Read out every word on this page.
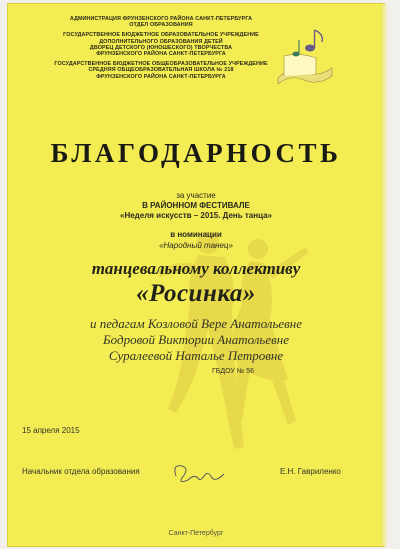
АДМИНИСТРАЦИЯ ФРУНЗЕНСКОГО РАЙОНА САНКТ-ПЕТЕРБУРГА
ОТДЕЛ ОБРАЗОВАНИЯ
ГОСУДАРСТВЕННОЕ БЮДЖЕТНОЕ ОБРАЗОВАТЕЛЬНОЕ УЧРЕЖДЕНИЕ
ДОПОЛНИТЕЛЬНОГО ОБРАЗОВАНИЯ ДЕТЕЙ
ДВОРЕЦ ДЕТСКОГО (ЮНОШЕСКОГО) ТВОРЧЕСТВА
ФРУНЗЕНСКОГО РАЙОНА САНКТ-ПЕТЕРБУРГА
ГОСУДАРСТВЕННОЕ БЮДЖЕТНОЕ ОБЩЕОБРАЗОВАТЕЛЬНОЕ УЧРЕЖДЕНИЕ
СРЕДНЯЯ ОБЩЕОБРАЗОВАТЕЛЬНАЯ ШКОЛА № 218
ФРУНЗЕНСКОГО РАЙОНА САНКТ-ПЕТЕРБУРГА
БЛАГОДАРНОСТЬ
за участие
В РАЙОННОМ ФЕСТИВАЛЕ
«Неделя искусств – 2015. День танца»
в номинации
«Народный танец»
танцевальному коллективу
«Росинка»
и педагам Козловой Вере Анатольевне
Бодровой Виктории Анатольевне
Суралеевой Наталье Петровне
ГБДОУ № 56
15 апреля 2015
Начальник отдела образования	Е.Н. Гавриленко
Санкт-Петербург
